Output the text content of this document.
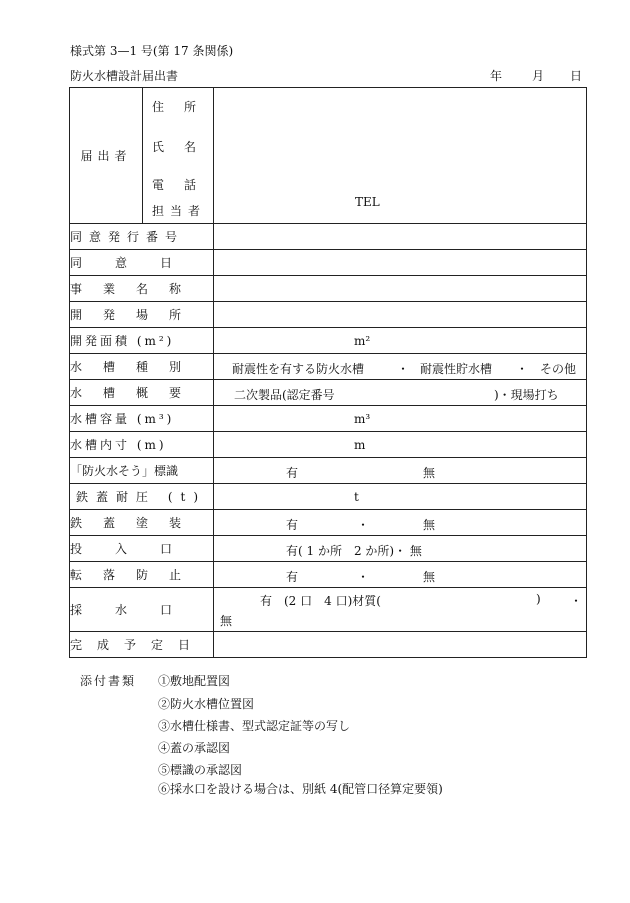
様式第 3—1 号(第 17 条関係)
防火水槽設計届出書	年 月 日
届出者
住所
氏名
電話
担当者	TEL

同意発行番号	
同意日	
事業名称	
開発場所	
開発面積 (m²)	m²

水槽種別	耐震性を有する防火水槽 ・ 耐震性貯水槽 ・ その他

水槽概要	二次製品(認定番号 )・現場打ち

水槽容量 (m³)	m³

水槽内寸 (m)	m

「防火水そう」標識	有 無

鉄蓋耐圧 (t)	t

鉄蓋塗装	有 ・ 無

投入口	有( 1 か所　2 か所)・ 無

転落防止	有 ・ 無

採水口	有　(2 口　4 口)材質( ) ・
無

完成予定日	
添付書類 ①敷地配置図
②防火水槽位置図
③水槽仕様書、型式認定証等の写し
④蓋の承認図
⑤標識の承認図
⑥採水口を設ける場合は、別紙 4(配管口径算定要領)
